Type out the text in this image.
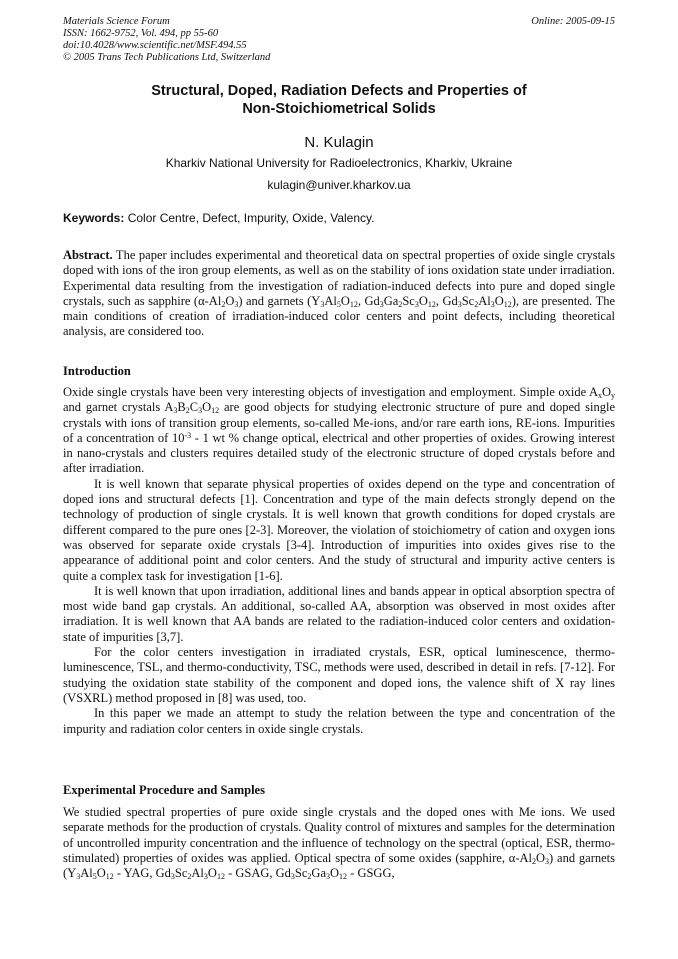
Materials Science Forum
ISSN: 1662-9752, Vol. 494, pp 55-60
doi:10.4028/www.scientific.net/MSF.494.55
© 2005 Trans Tech Publications Ltd, Switzerland
Online: 2005-09-15
Structural, Doped, Radiation Defects and Properties of
Non-Stoichiometrical Solids
N. Kulagin
Kharkiv National University for Radioelectronics, Kharkiv, Ukraine
kulagin@univer.kharkov.ua
Keywords: Color Centre, Defect, Impurity, Oxide, Valency.

Abstract. The paper includes experimental and theoretical data on spectral properties of oxide single crystals doped with ions of the iron group elements, as well as on the stability of ions oxidation state under irradiation. Experimental data resulting from the investigation of radiation-induced defects into pure and doped single crystals, such as sapphire $(\alpha-Al_2O_3)$ and garnets ($Y_3Al_5O_{12}$, $Gd_3Ga_2Sc_3O_{12}$, $Gd_3Sc_2Al_3O_{12}$), are presented. The main conditions of creation of irradiation-induced color centers and point defects, including theoretical analysis, are considered too.

Introduction

Oxide single crystals have been very interesting objects of investigation and employment. Simple oxide $A_xO_y$ and garnet crystals $A_3B_2C_3O_{12}$ are good objects for studying electronic structure of pure and doped single crystals with ions of transition group elements, so-called Me-ions, and/or rare earth ions, RE-ions. Impurities of a concentration of $10^{-3} - 1$ wt % change optical, electrical and other properties of oxides. Growing interest in nano-crystals and clusters requires detailed study of the electronic structure of doped crystals before and after irradiation.

It is well known that separate physical properties of oxides depend on the type and concentration of doped ions and structural defects [1]. Concentration and type of the main defects strongly depend on the technology of production of single crystals. It is well known that growth conditions for doped crystals are different compared to the pure ones [2-3]. Moreover, the violation of stoichiometry of cation and oxygen ions was observed for separate oxide crystals [3-4]. Introduction of impurities into oxides gives rise to the appearance of additional point and color centers. And the study of structural and impurity active centers is quite a complex task for investigation [1-6].

It is well known that upon irradiation, additional lines and bands appear in optical absorption spectra of most wide band gap crystals. An additional, so-called AA, absorption was observed in most oxides after irradiation. It is well known that AA bands are related to the radiation-induced color centers and oxidation-state of impurities [3,7].

For the color centers investigation in irradiated crystals, ESR, optical luminescence, thermo-luminescence, TSL, and thermo-conductivity, TSC, methods were used, described in detail in refs. [7-12]. For studying the oxidation state stability of the component and doped ions, the valence shift of X ray lines (VSXRL) method proposed in [8] was used, too.

In this paper we made an attempt to study the relation between the type and concentration of the impurity and radiation color centers in oxide single crystals.

Experimental Procedure and Samples

We studied spectral properties of pure oxide single crystals and the doped ones with Me ions. We used separate methods for the production of crystals. Quality control of mixtures and samples for the determination of uncontrolled impurity concentration and the influence of technology on the spectral (optical, ESR, thermo-stimulated) properties of oxides was applied. Optical spectra of some oxides (sapphire, $\alpha-Al_2O_3$) and garnets ($Y_3Al_5O_{12}$ - YAG, $Gd_3Sc_2Al_3O_{12}$ - GSAG, $Gd_3Sc_2Ga_3O_{12}$ - GSGG,
